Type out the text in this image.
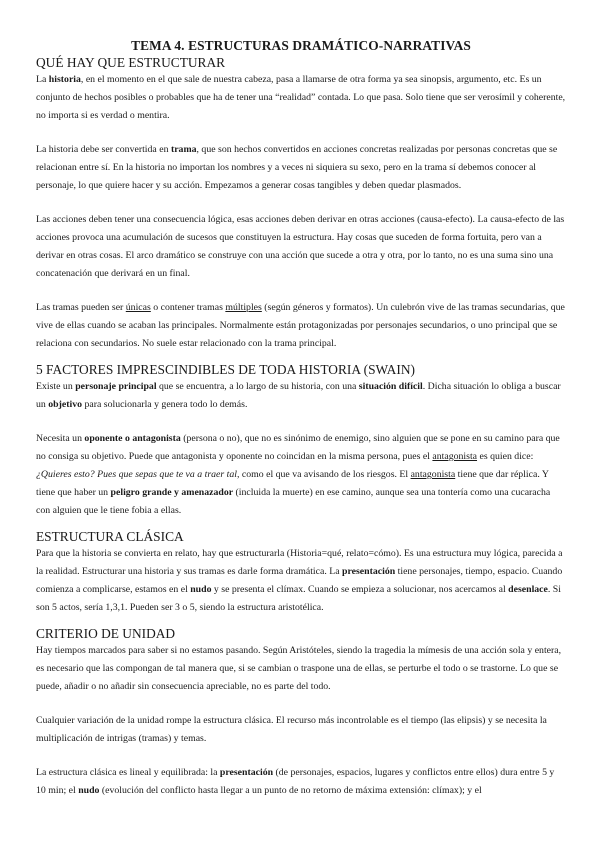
TEMA 4. ESTRUCTURAS DRAMÁTICO-NARRATIVAS
QUÉ HAY QUE ESTRUCTURAR

La historia, en el momento en el que sale de nuestra cabeza, pasa a llamarse de otra forma ya sea sinopsis, argumento, etc. Es un conjunto de hechos posibles o probables que ha de tener una “realidad” contada. Lo que pasa. Solo tiene que ser verosímil y coherente, no importa si es verdad o mentira.

La historia debe ser convertida en trama, que son hechos convertidos en acciones concretas realizadas por personas concretas que se relacionan entre sí. En la historia no importan los nombres y a veces ni siquiera su sexo, pero en la trama sí debemos conocer al personaje, lo que quiere hacer y su acción. Empezamos a generar cosas tangibles y deben quedar plasmados.

Las acciones deben tener una consecuencia lógica, esas acciones deben derivar en otras acciones (causa-efecto). La causa-efecto de las acciones provoca una acumulación de sucesos que constituyen la estructura. Hay cosas que suceden de forma fortuita, pero van a derivar en otras cosas. El arco dramático se construye con una acción que sucede a otra y otra, por lo tanto, no es una suma sino una concatenación que derivará en un final.

Las tramas pueden ser únicas o contener tramas múltiples (según géneros y formatos). Un culebrón vive de las tramas secundarias, que vive de ellas cuando se acaban las principales. Normalmente están protagonizadas por personajes secundarios, o uno principal que se relaciona con secundarios. No suele estar relacionado con la trama principal.

5 FACTORES IMPRESCINDIBLES DE TODA HISTORIA (SWAIN)

Existe un personaje principal que se encuentra, a lo largo de su historia, con una situación difícil. Dicha situación lo obliga a buscar un objetivo para solucionarla y genera todo lo demás.

Necesita un oponente o antagonista (persona o no), que no es sinónimo de enemigo, sino alguien que se pone en su camino para que no consiga su objetivo. Puede que antagonista y oponente no coincidan en la misma persona, pues el antagonista es quien dice: ¿Quieres esto? Pues que sepas que te va a traer tal, como el que va avisando de los riesgos. El antagonista tiene que dar réplica. Y tiene que haber un peligro grande y amenazador (incluida la muerte) en ese camino, aunque sea una tontería como una cucaracha con alguien que le tiene fobia a ellas.

ESTRUCTURA CLÁSICA

Para que la historia se convierta en relato, hay que estructurarla (Historia=qué, relato=cómo). Es una estructura muy lógica, parecida a la realidad. Estructurar una historia y sus tramas es darle forma dramática. La presentación tiene personajes, tiempo, espacio. Cuando comienza a complicarse, estamos en el nudo y se presenta el clímax. Cuando se empieza a solucionar, nos acercamos al desenlace. Si son 5 actos, sería 1,3,1. Pueden ser 3 o 5, siendo la estructura aristotélica.

CRITERIO DE UNIDAD

Hay tiempos marcados para saber si no estamos pasando. Según Aristóteles, siendo la tragedia la mímesis de una acción sola y entera, es necesario que las compongan de tal manera que, si se cambian o traspone una de ellas, se perturbe el todo o se trastorne. Lo que se puede, añadir o no añadir sin consecuencia apreciable, no es parte del todo.

Cualquier variación de la unidad rompe la estructura clásica. El recurso más incontrolable es el tiempo (las elipsis) y se necesita la multiplicación de intrigas (tramas) y temas.

La estructura clásica es lineal y equilibrada: la presentación (de personajes, espacios, lugares y conflictos entre ellos) dura entre 5 y 10 min; el nudo (evolución del conflicto hasta llegar a un punto de no retorno de máxima extensión: clímax); y el
